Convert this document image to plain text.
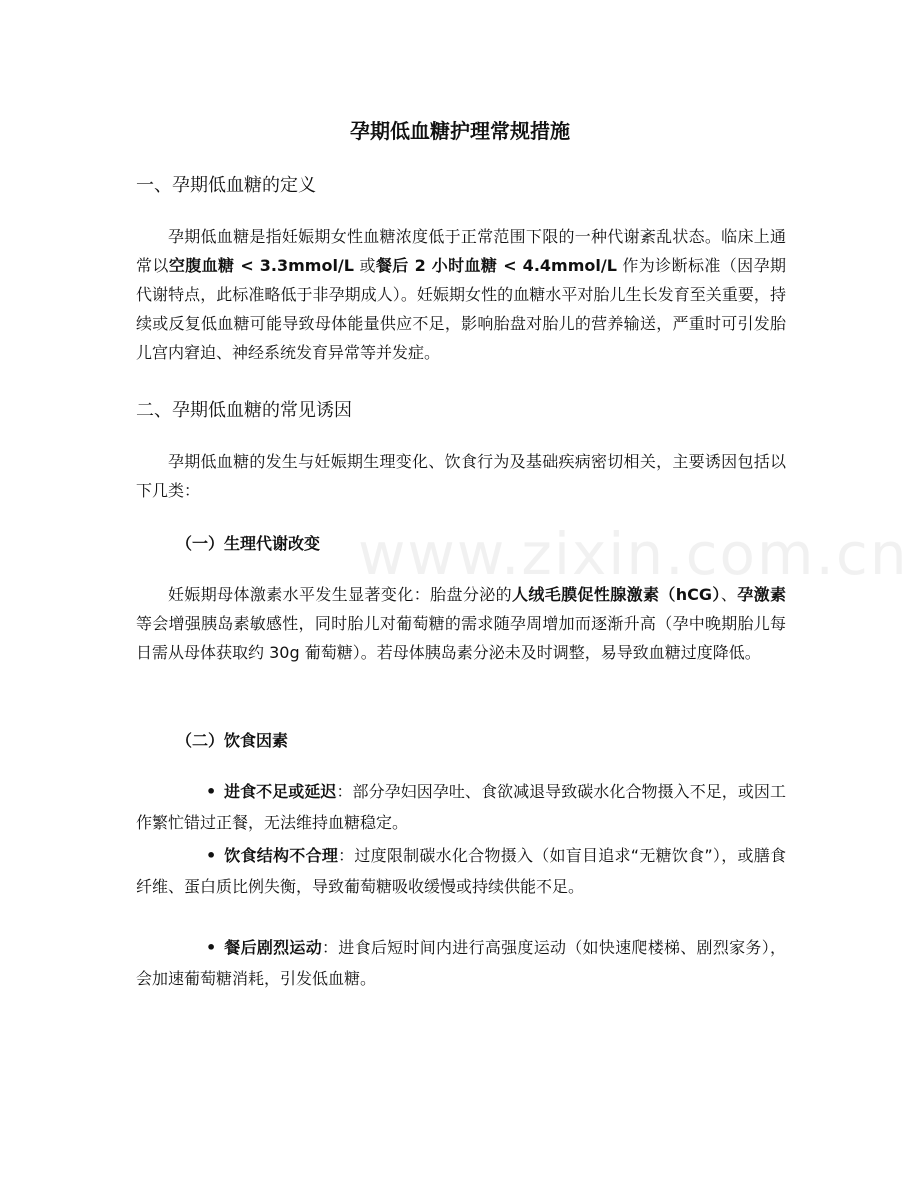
www.zixin.com.cn
孕期低血糖护理常规措施
一、孕期低血糖的定义
孕期低血糖是指妊娠期女性血糖浓度低于正常范围下限的一种代谢紊乱状态。临床上通常以空腹血糖 < 3.3mmol/L 或餐后 2 小时血糖 < 4.4mmol/L 作为诊断标准（因孕期代谢特点，此标准略低于非孕期成人）。妊娠期女性的血糖水平对胎儿生长发育至关重要，持续或反复低血糖可能导致母体能量供应不足，影响胎盘对胎儿的营养输送，严重时可引发胎儿宫内窘迫、神经系统发育异常等并发症。
二、孕期低血糖的常见诱因
孕期低血糖的发生与妊娠期生理变化、饮食行为及基础疾病密切相关，主要诱因包括以下几类：
（一）生理代谢改变
妊娠期母体激素水平发生显著变化：胎盘分泌的人绒毛膜促性腺激素（hCG）、孕激素等会增强胰岛素敏感性，同时胎儿对葡萄糖的需求随孕周增加而逐渐升高（孕中晚期胎儿每日需从母体获取约 30g 葡萄糖）。若母体胰岛素分泌未及时调整，易导致血糖过度降低。
（二）饮食因素
• 进食不足或延迟：部分孕妇因孕吐、食欲减退导致碳水化合物摄入不足，或因工作繁忙错过正餐，无法维持血糖稳定。
• 饮食结构不合理：过度限制碳水化合物摄入（如盲目追求“无糖饮食”），或膳食纤维、蛋白质比例失衡，导致葡萄糖吸收缓慢或持续供能不足。
• 餐后剧烈运动：进食后短时间内进行高强度运动（如快速爬楼梯、剧烈家务），会加速葡萄糖消耗，引发低血糖。
